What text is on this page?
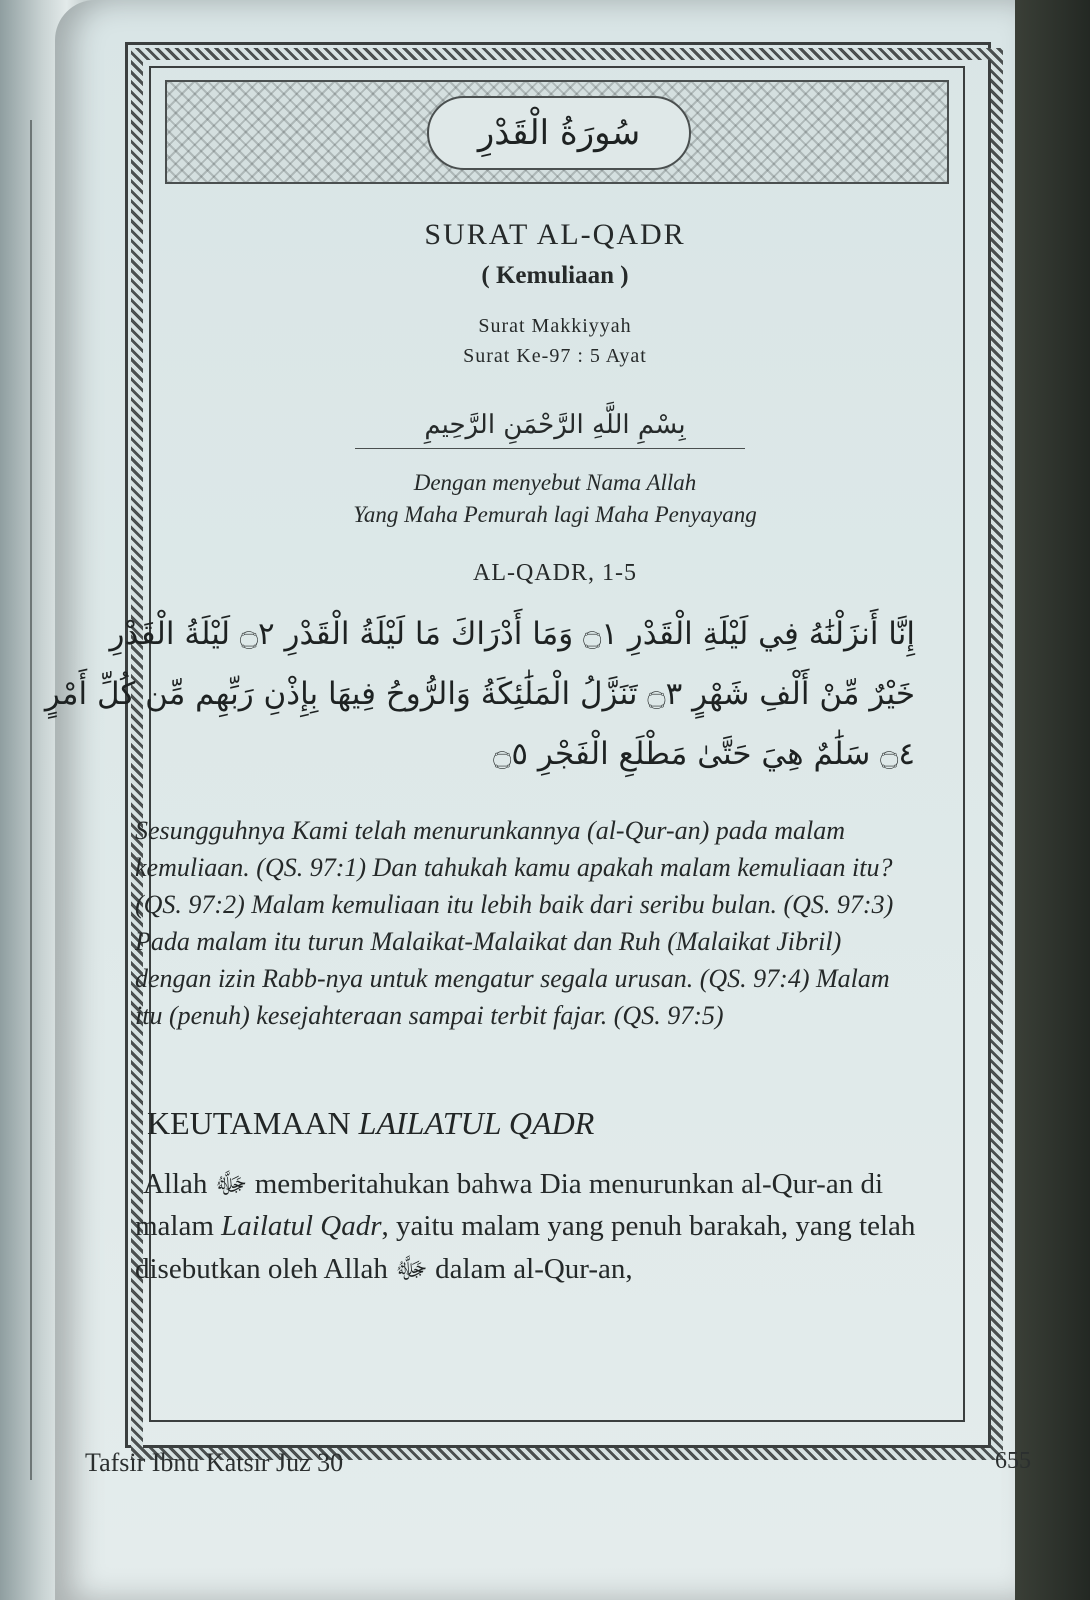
سُورَةُ الْقَدْرِ
SURAT AL-QADR
( Kemuliaan )
Surat Makkiyyah
Surat Ke-97 : 5 Ayat
بِسْمِ اللَّهِ الرَّحْمَنِ الرَّحِيمِ
Dengan menyebut Nama Allah
Yang Maha Pemurah lagi Maha Penyayang
AL-QADR, 1-5
إِنَّا أَنزَلْنَٰهُ فِي لَيْلَةِ الْقَدْرِ ۝١ وَمَا أَدْرَاكَ مَا لَيْلَةُ الْقَدْرِ ۝٢ لَيْلَةُ الْقَدْرِ
خَيْرٌ مِّنْ أَلْفِ شَهْرٍ ۝٣ تَنَزَّلُ الْمَلَٰئِكَةُ وَالرُّوحُ فِيهَا بِإِذْنِ رَبِّهِم مِّن كُلِّ أَمْرٍ
۝٤ سَلَٰمٌ هِيَ حَتَّىٰ مَطْلَعِ الْفَجْرِ ۝٥

Sesungguhnya Kami telah menurunkannya (al-Qur-an) pada malam kemuliaan. (QS. 97:1) Dan tahukah kamu apakah malam kemuliaan itu? (QS. 97:2) Malam kemuliaan itu lebih baik dari seribu bulan. (QS. 97:3) Pada malam itu turun Malaikat-Malaikat dan Ruh (Malaikat Jibril) dengan izin Rabb-nya untuk mengatur segala urusan. (QS. 97:4) Malam itu (penuh) kesejahteraan sampai terbit fajar. (QS. 97:5)

KEUTAMAAN LAILATUL QADR

Allah ﷻ memberitahukan bahwa Dia menurunkan al-Qur-an di malam Lailatul Qadr, yaitu malam yang penuh barakah, yang telah disebutkan oleh Allah ﷻ dalam al-Qur-an,

Tafsir Ibnu Katsir Juz 30	655
